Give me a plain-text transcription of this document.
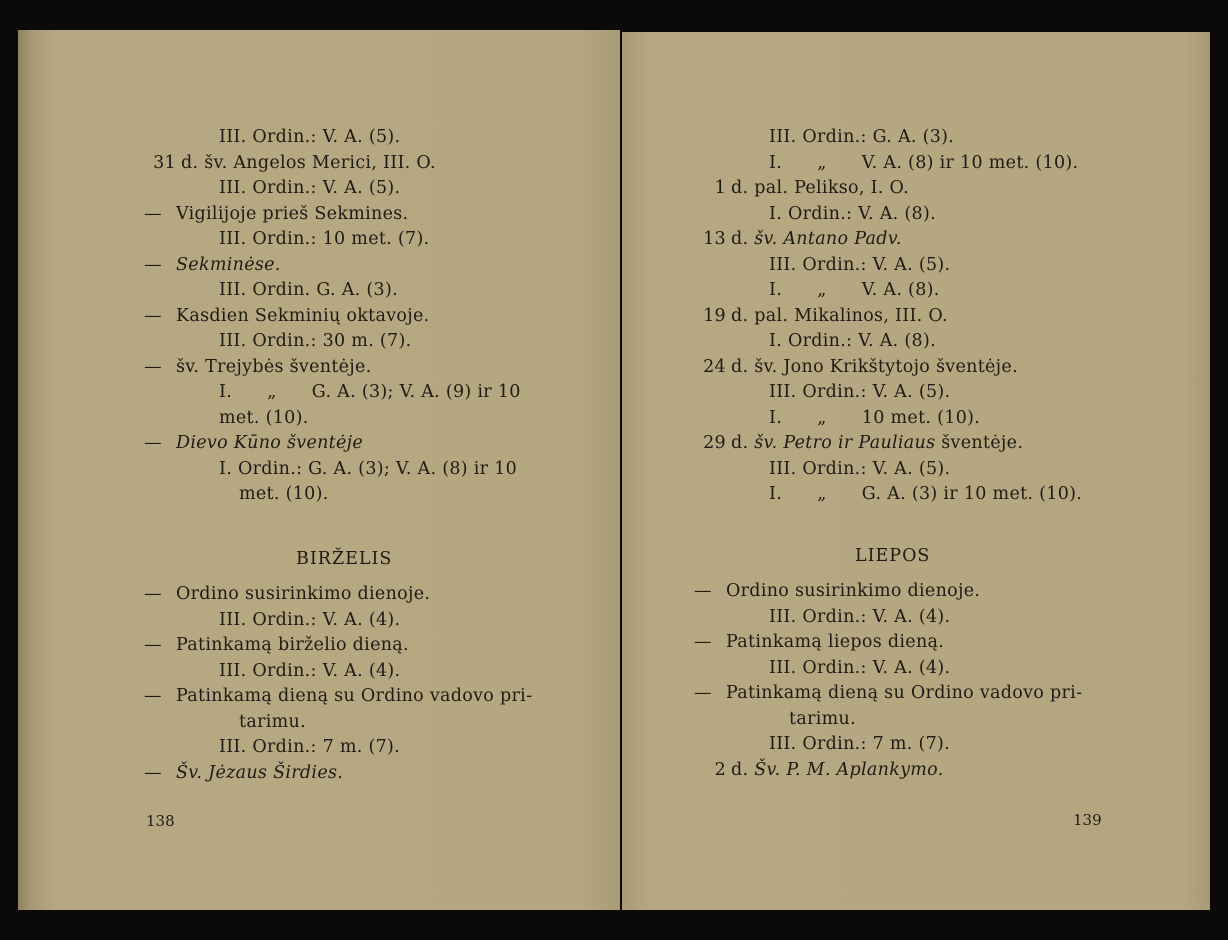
III. Ordin.: V. A. (5).
31 d. šv. Angelos Merici, III. O.
III. Ordin.: V. A. (5).
— Vigilijoje prieš Sekmines.
III. Ordin.: 10 met. (7).
— Sekminėse.
III. Ordin. G. A. (3).
— Kasdien Sekminių oktavoje.
III. Ordin.: 30 m. (7).
— šv. Trejybės šventėje.
I.      „      G. A. (3); V. A. (9) ir 10
met. (10).
— Dievo Kūno šventėje
I. Ordin.: G. A. (3); V. A. (8) ir 10
met. (10).
BIRŽELIS
— Ordino susirinkimo dienoje.
III. Ordin.: V. A. (4).
— Patinkamą birželio dieną.
III. Ordin.: V. A. (4).
— Patinkamą dieną su Ordino vadovo pri-
tarimu.
III. Ordin.: 7 m. (7).
— Šv. Jėzaus Širdies.
138
III. Ordin.: G. A. (3).
I.      „      V. A. (8) ir 10 met. (10).
1 d. pal. Pelikso, I. O.
I. Ordin.: V. A. (8).
13 d. šv. Antano Padv.
III. Ordin.: V. A. (5).
I.      „      V. A. (8).
19 d. pal. Mikalinos, III. O.
I. Ordin.: V. A. (8).
24 d. šv. Jono Krikštytojo šventėje.
III. Ordin.: V. A. (5).
I.      „      10 met. (10).
29 d. šv. Petro ir Pauliaus šventėje.
III. Ordin.: V. A. (5).
I.      „      G. A. (3) ir 10 met. (10).
LIEPOS
— Ordino susirinkimo dienoje.
III. Ordin.: V. A. (4).
— Patinkamą liepos dieną.
III. Ordin.: V. A. (4).
— Patinkamą dieną su Ordino vadovo pri-
tarimu.
III. Ordin.: 7 m. (7).
2 d. Šv. P. M. Aplankymo.
139
